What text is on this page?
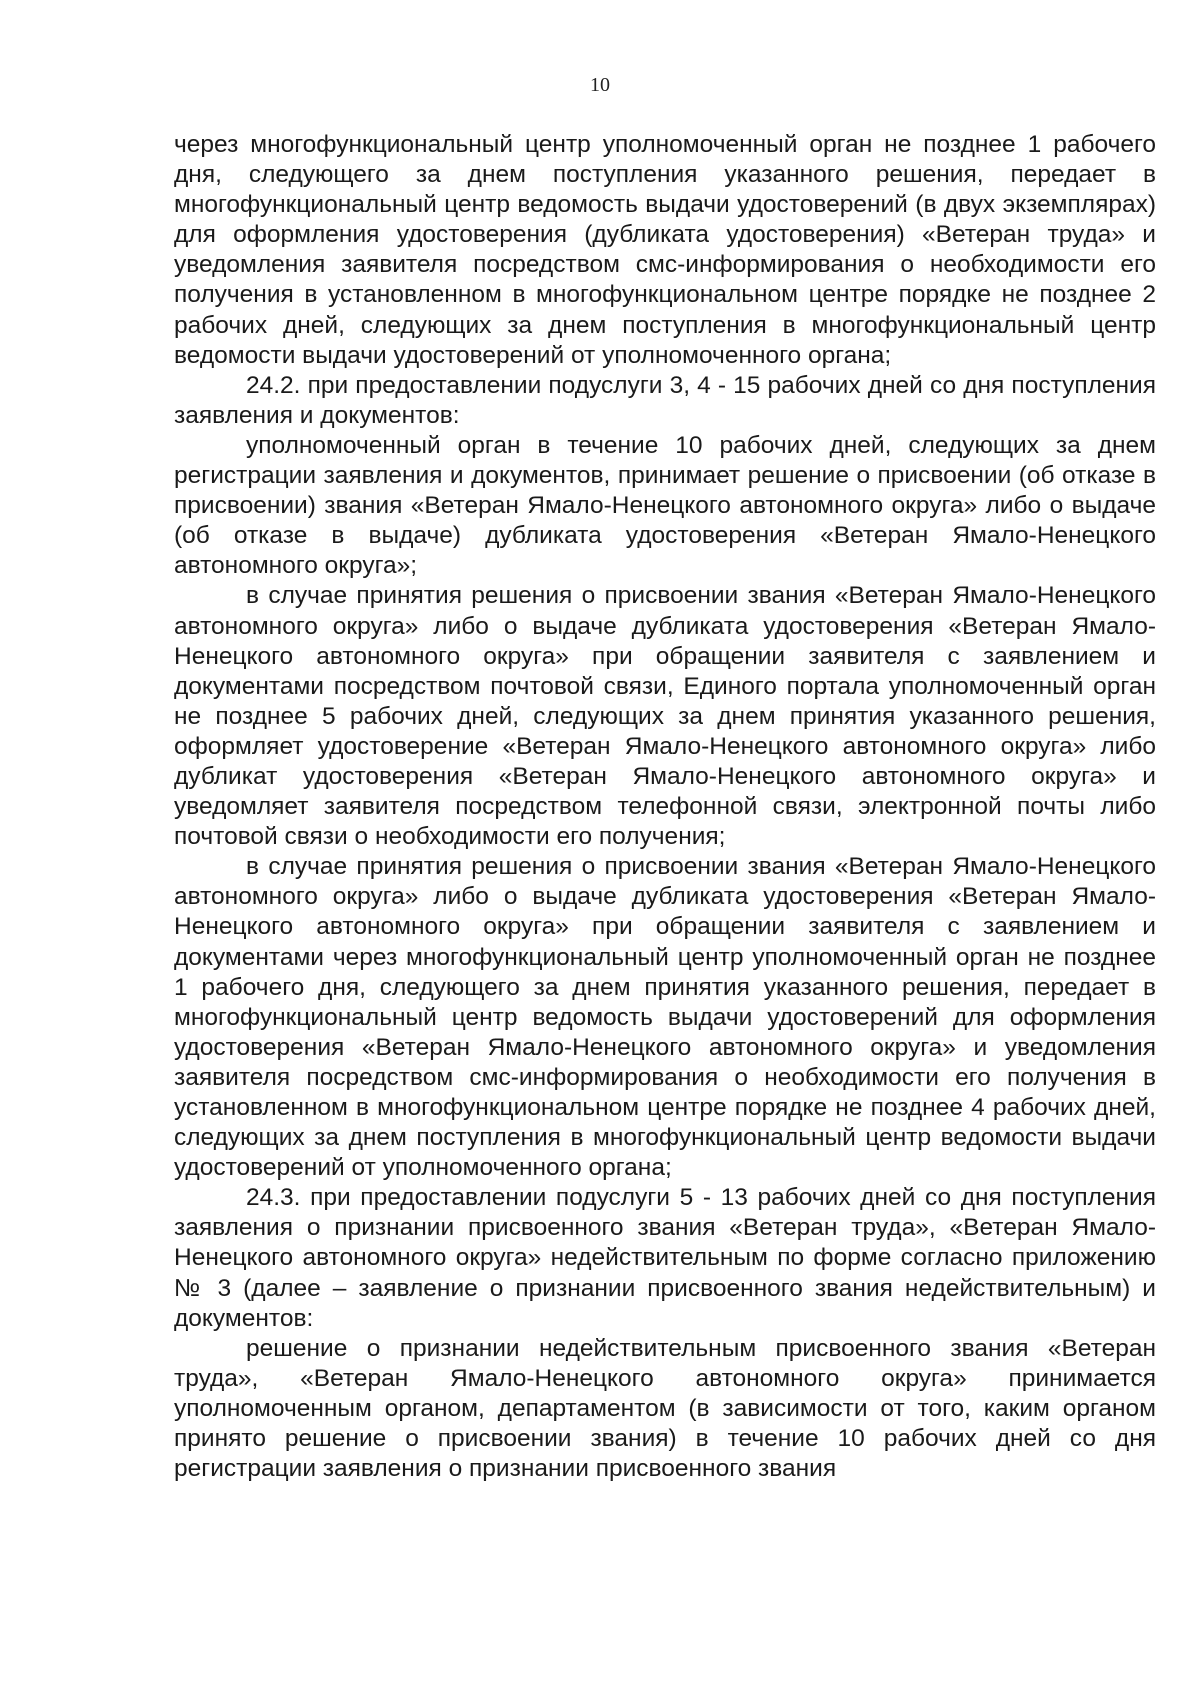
10

через многофункциональный центр уполномоченный орган не позднее 1 рабочего дня, следующего за днем поступления указанного решения, передает в многофункциональный центр ведомость выдачи удостоверений (в двух экземплярах) для оформления удостоверения (дубликата удостоверения) «Ветеран труда» и уведомления заявителя посредством смс-информирования о необходимости его получения в установленном в многофункциональном центре порядке не позднее 2 рабочих дней, следующих за днем поступления в многофункциональный центр ведомости выдачи удостоверений от уполномоченного органа;

24.2. при предоставлении подуслуги 3, 4 - 15 рабочих дней со дня поступления заявления и документов:

уполномоченный орган в течение 10 рабочих дней, следующих за днем регистрации заявления и документов, принимает решение о присвоении (об отказе в присвоении) звания «Ветеран Ямало-Ненецкого автономного округа» либо о выдаче (об отказе в выдаче) дубликата удостоверения «Ветеран Ямало-Ненецкого автономного округа»;

в случае принятия решения о присвоении звания «Ветеран Ямало-Ненецкого автономного округа» либо о выдаче дубликата удостоверения «Ветеран Ямало-Ненецкого автономного округа» при обращении заявителя с заявлением и документами посредством почтовой связи, Единого портала уполномоченный орган не позднее 5 рабочих дней, следующих за днем принятия указанного решения, оформляет удостоверение «Ветеран Ямало-Ненецкого автономного округа» либо дубликат удостоверения «Ветеран Ямало-Ненецкого автономного округа» и уведомляет заявителя посредством телефонной связи, электронной почты либо почтовой связи о необходимости его получения;

в случае принятия решения о присвоении звания «Ветеран Ямало-Ненецкого автономного округа» либо о выдаче дубликата удостоверения «Ветеран Ямало-Ненецкого автономного округа» при обращении заявителя с заявлением и документами через многофункциональный центр уполномоченный орган не позднее 1 рабочего дня, следующего за днем принятия указанного решения, передает в многофункциональный центр ведомость выдачи удостоверений для оформления удостоверения «Ветеран Ямало-Ненецкого автономного округа» и уведомления заявителя посредством смс-информирования о необходимости его получения в установленном в многофункциональном центре порядке не позднее 4 рабочих дней, следующих за днем поступления в многофункциональный центр ведомости выдачи удостоверений от уполномоченного органа;

24.3. при предоставлении подуслуги 5 - 13 рабочих дней со дня поступления заявления о признании присвоенного звания «Ветеран труда», «Ветеран Ямало-Ненецкого автономного округа» недействительным по форме согласно приложению № 3 (далее – заявление о признании присвоенного звания недействительным) и документов:

решение о признании недействительным присвоенного звания «Ветеран труда», «Ветеран Ямало-Ненецкого автономного округа» принимается уполномоченным органом, департаментом (в зависимости от того, каким органом принято решение о присвоении звания) в течение 10 рабочих дней со дня регистрации заявления о признании присвоенного звания
